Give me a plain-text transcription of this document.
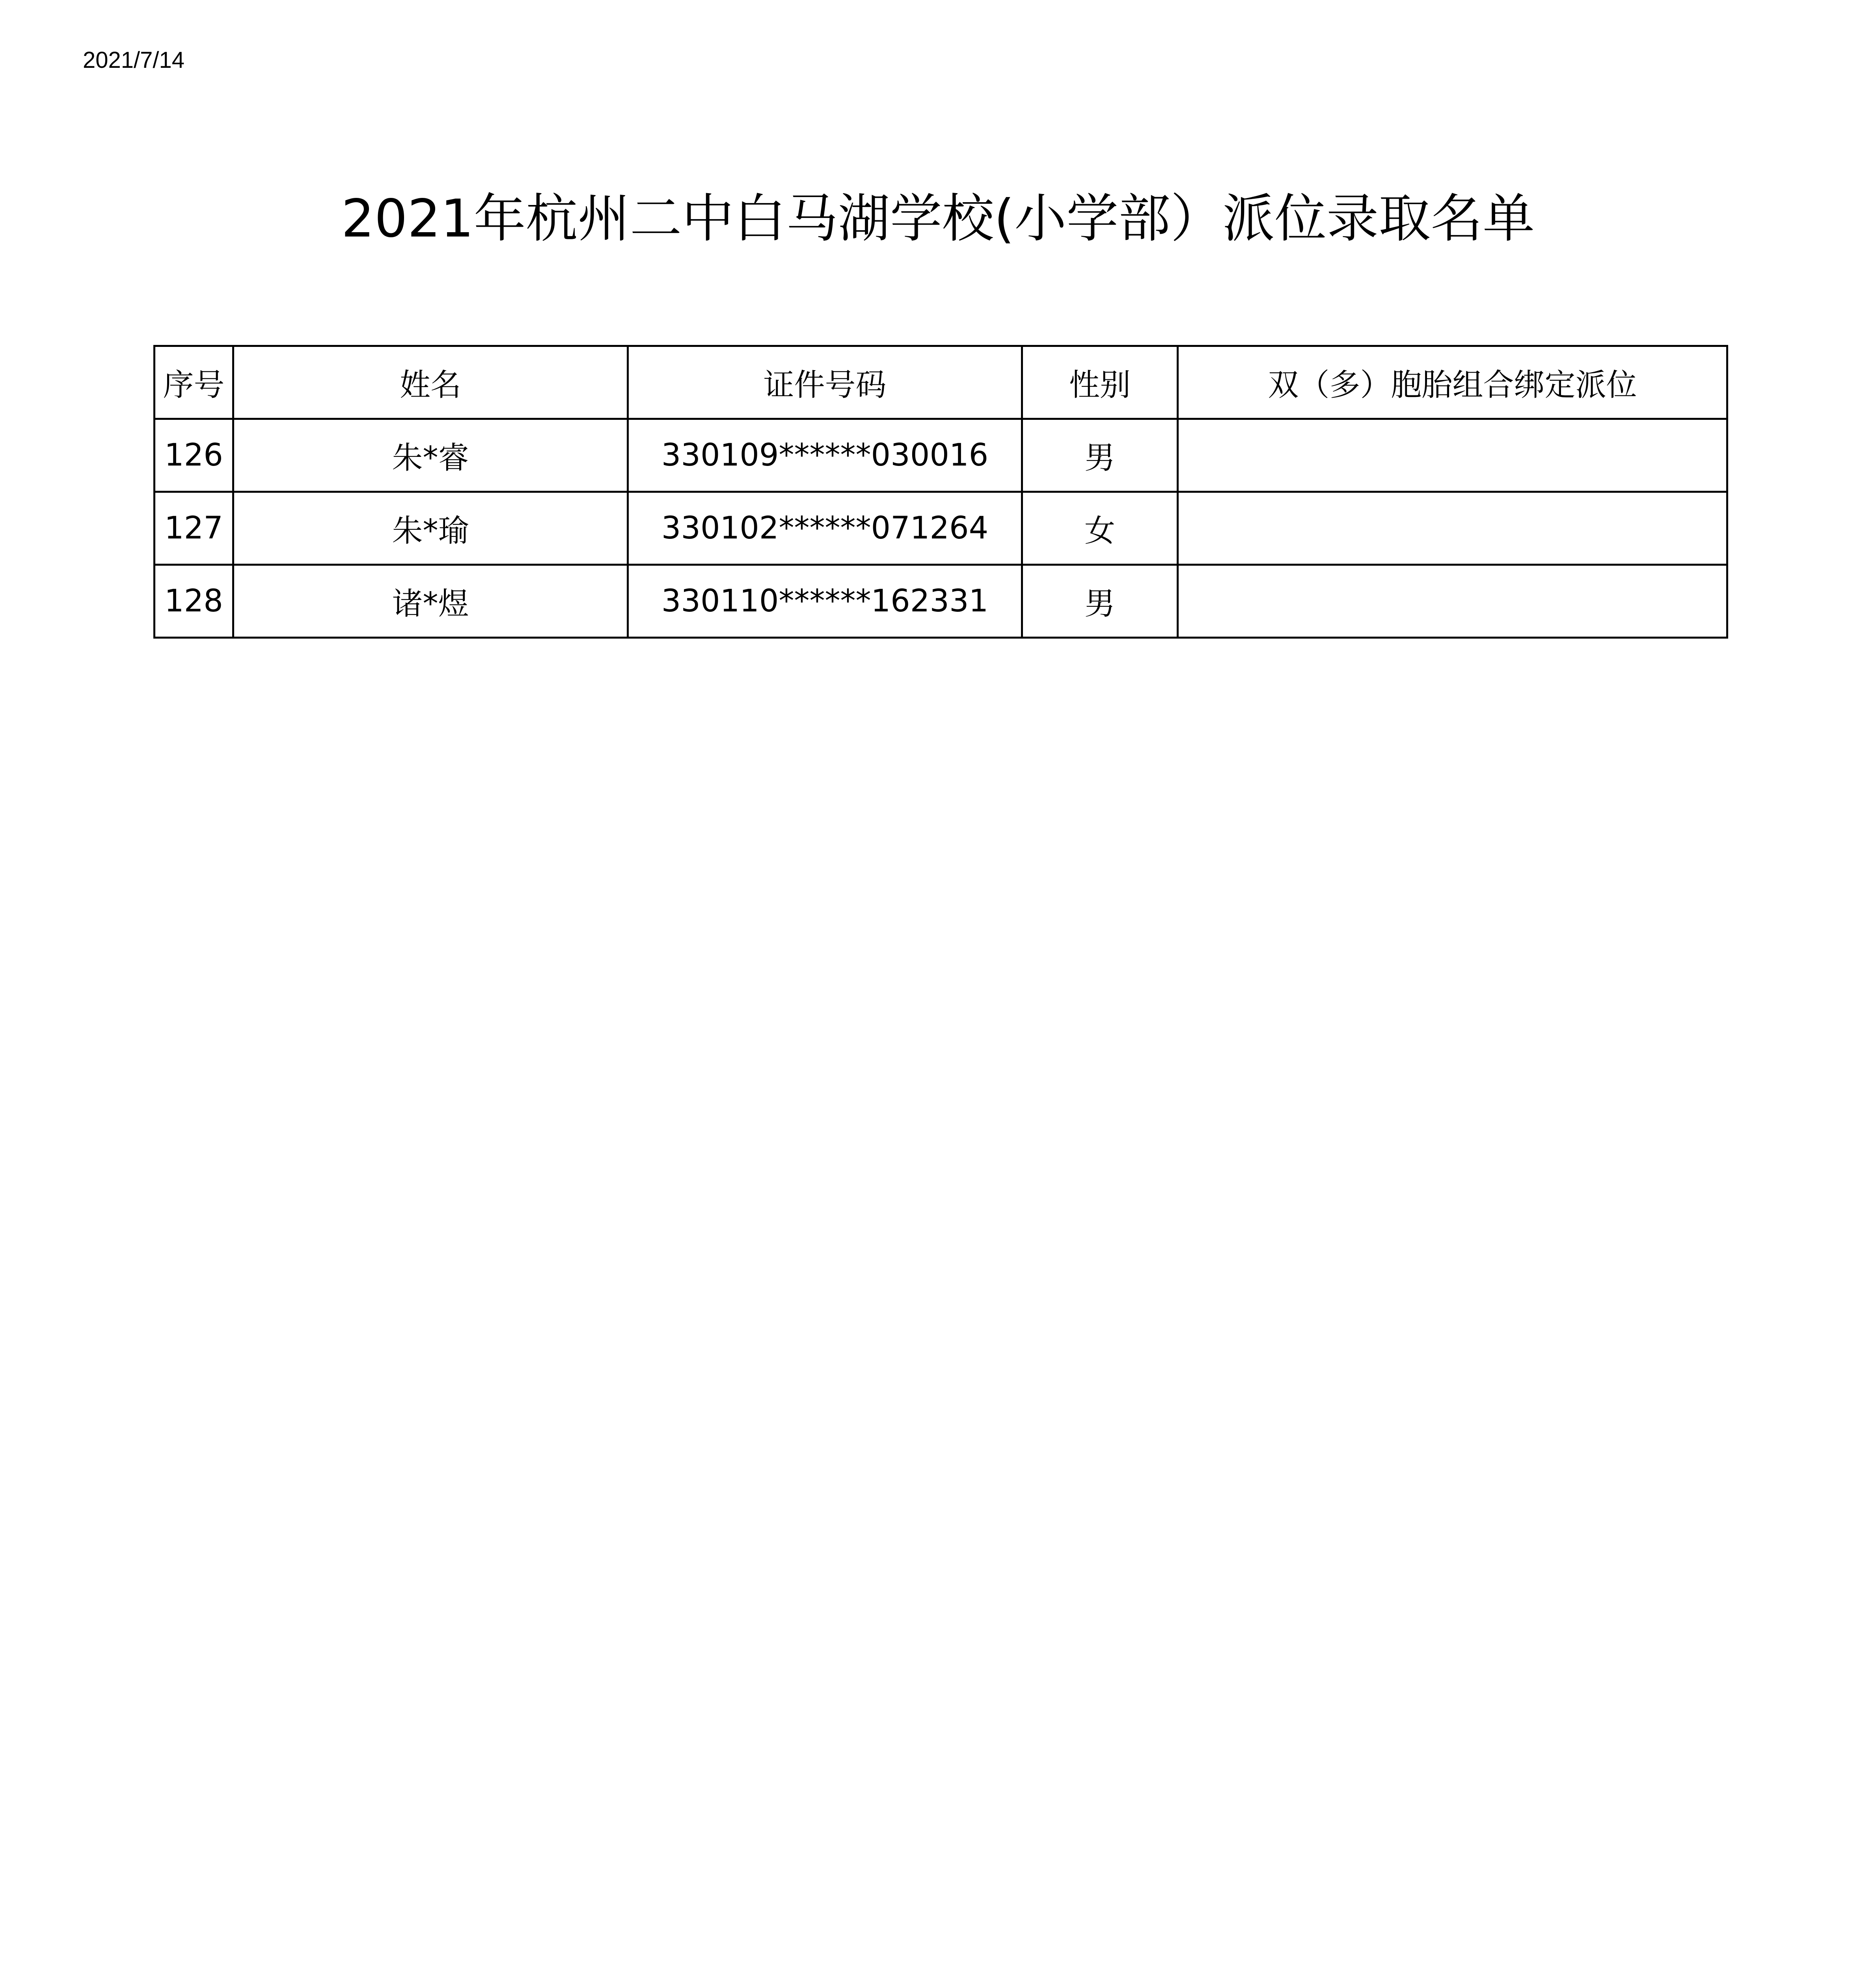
2021/7/14
2021年杭州二中白马湖学校(小学部）派位录取名单
序号	姓名	证件号码	性别	双（多）胞胎组合绑定派位
126	朱*睿	330109******030016	男	
127	朱*瑜	330102******071264	女	
128	诸*煜	330110******162331	男	
